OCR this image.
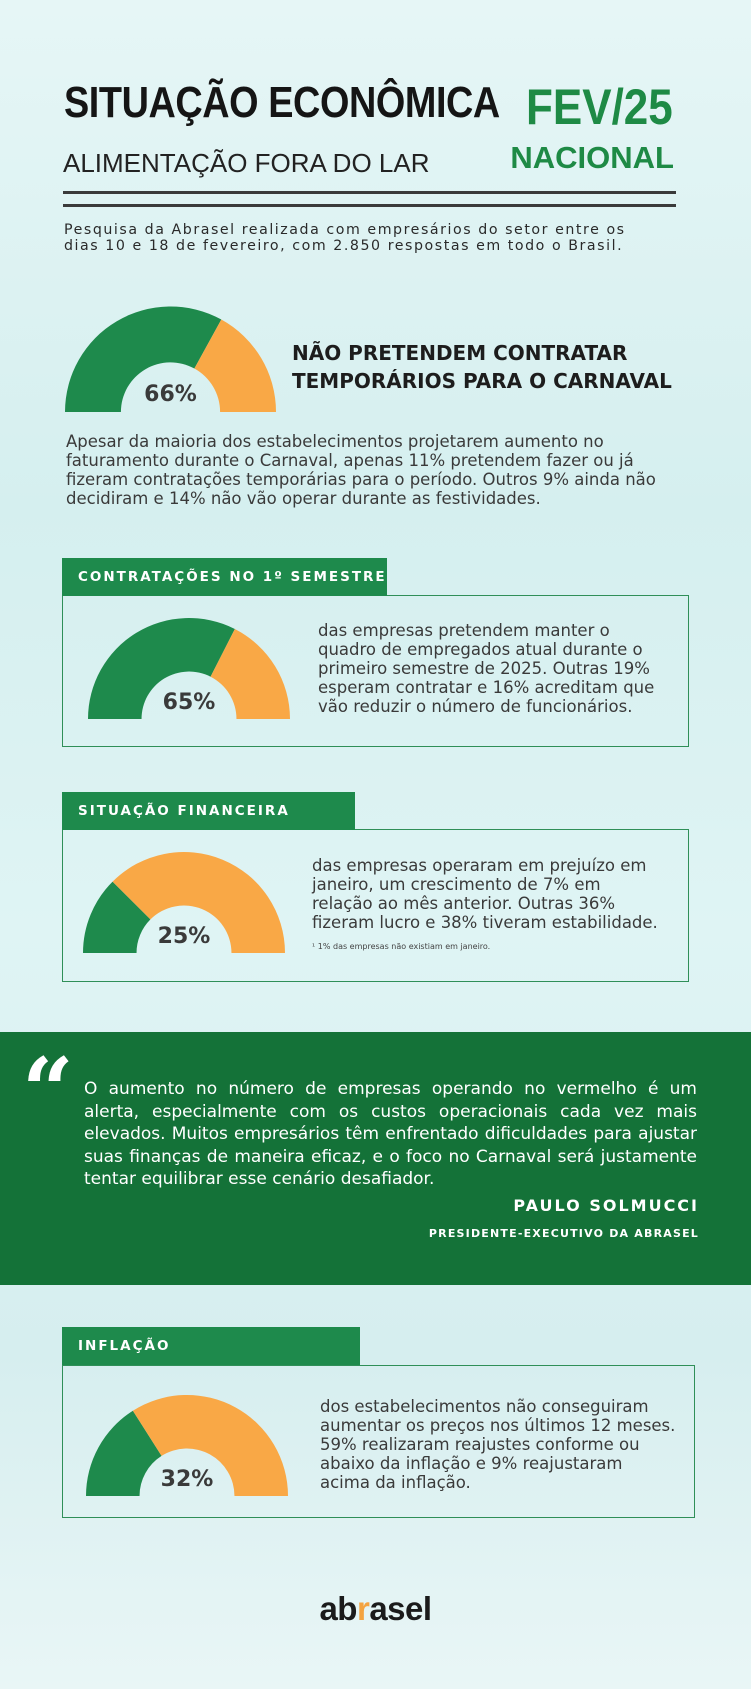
SITUAÇÃO ECONÔMICA
ALIMENTAÇÃO FORA DO LAR
FEV/25
NACIONAL
Pesquisa da Abrasel realizada com empresários do setor entre os
dias 10 e 18 de fevereiro, com 2.850 respostas em todo o Brasil.
66%
NÃO PRETENDEM CONTRATAR
TEMPORÁRIOS PARA O CARNAVAL
Apesar da maioria dos estabelecimentos projetarem aumento no
faturamento durante o Carnaval, apenas 11% pretendem fazer ou já
fizeram contratações temporárias para o período. Outros 9% ainda não
decidiram e 14% não vão operar durante as festividades.
CONTRATAÇÕES NO 1º SEMESTRE
65%
das empresas pretendem manter o
quadro de empregados atual durante o
primeiro semestre de 2025. Outras 19%
esperam contratar e 16% acreditam que
vão reduzir o número de funcionários.
SITUAÇÃO FINANCEIRA
25%
das empresas operaram em prejuízo em
janeiro, um crescimento de 7% em
relação ao mês anterior. Outras 36%
fizeram lucro e 38% tiveram estabilidade.
¹ 1% das empresas não existiam em janeiro.
“ O aumento no número de empresas operando no vermelho é um alerta, especialmente com os custos operacionais cada vez mais elevados. Muitos empresários têm enfrentado dificuldades para ajustar suas finanças de maneira eficaz, e o foco no Carnaval será justamente tentar equilibrar esse cenário desafiador.
PAULO SOLMUCCI
PRESIDENTE-EXECUTIVO DA ABRASEL
INFLAÇÃO
32%
dos estabelecimentos não conseguiram
aumentar os preços nos últimos 12 meses.
59% realizaram reajustes conforme ou
abaixo da inflação e 9% reajustaram
acima da inflação.
abrasel
